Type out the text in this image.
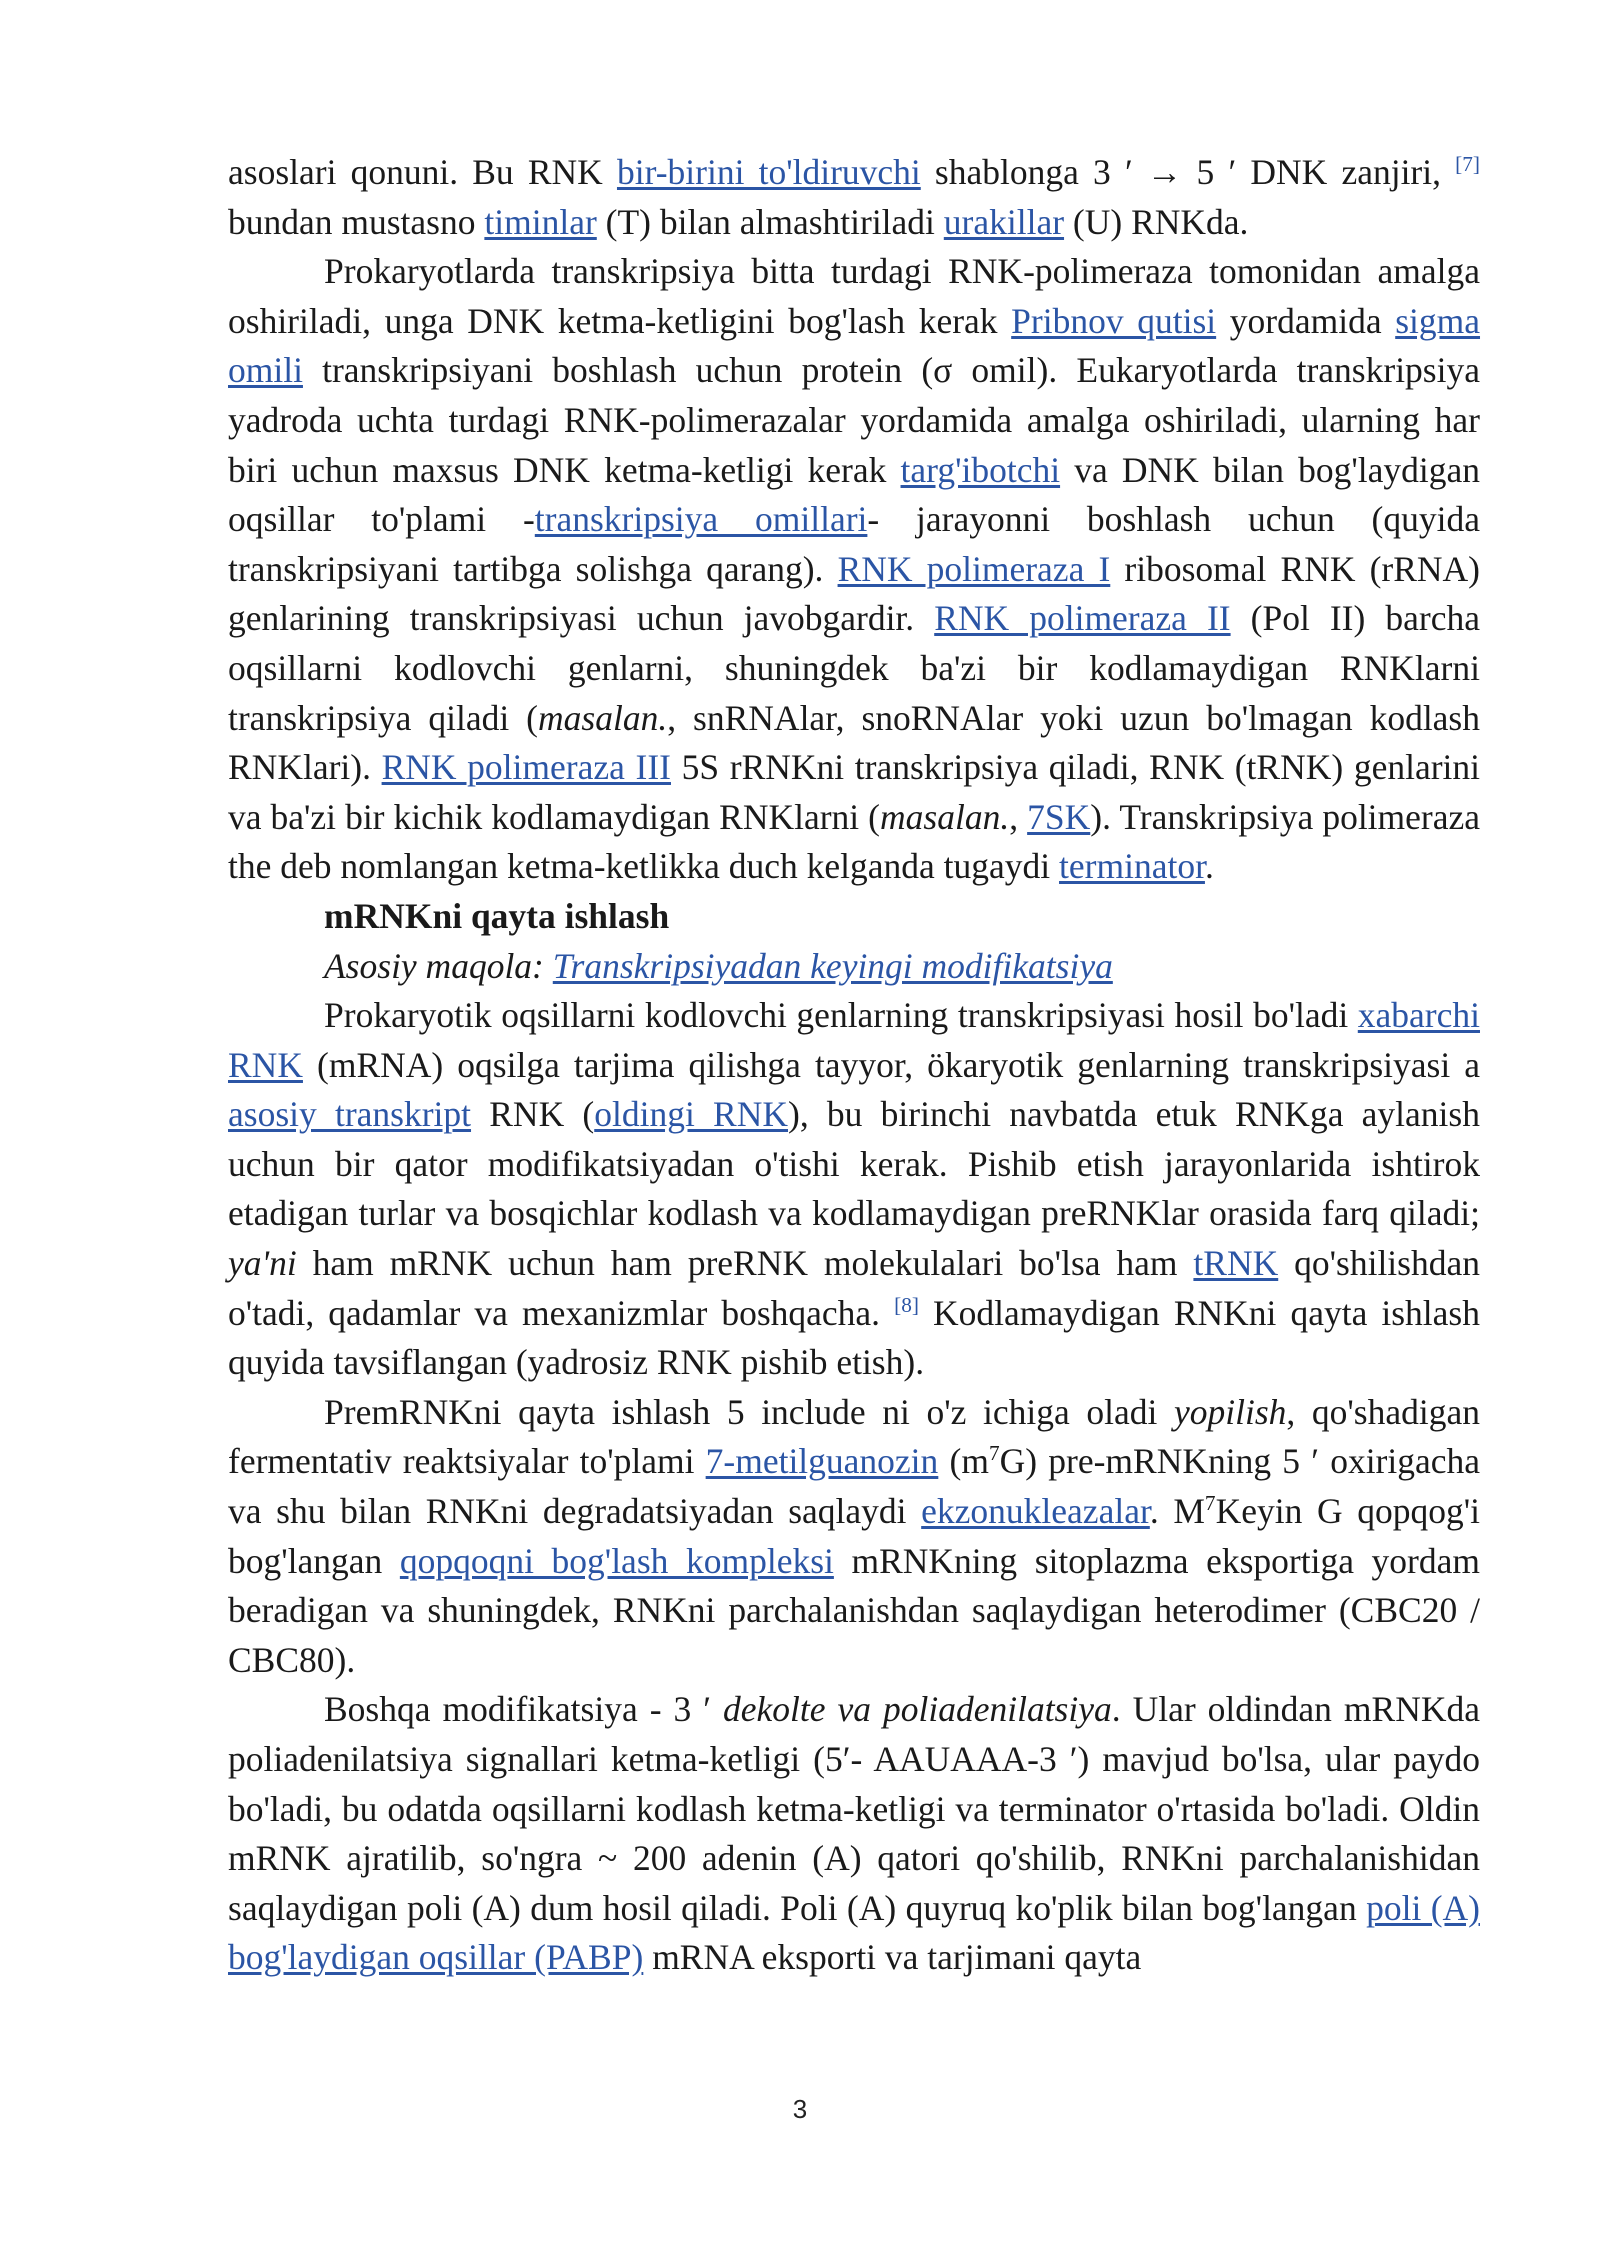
asoslari qonuni. Bu RNK bir-birini to'ldiruvchi shablonga 3 ′ → 5 ′ DNK zanjiri, [7] bundan mustasno timinlar (T) bilan almashtiriladi urakillar (U) RNKda.

Prokaryotlarda transkripsiya bitta turdagi RNK-polimeraza tomonidan amalga oshiriladi, unga DNK ketma-ketligini bog'lash kerak Pribnov qutisi yordamida sigma omili transkripsiyani boshlash uchun protein (σ omil). Eukaryotlarda transkripsiya yadroda uchta turdagi RNK-polimerazalar yordamida amalga oshiriladi, ularning har biri uchun maxsus DNK ketma-ketligi kerak targ'ibotchi va DNK bilan bog'laydigan oqsillar to'plami -transkripsiya omillari- jarayonni boshlash uchun (quyida transkripsiyani tartibga solishga qarang). RNK polimeraza I ribosomal RNK (rRNA) genlarining transkripsiyasi uchun javobgardir. RNK polimeraza II (Pol II) barcha oqsillarni kodlovchi genlarni, shuningdek ba'zi bir kodlamaydigan RNKlarni transkripsiya qiladi (masalan., snRNAlar, snoRNAlar yoki uzun bo'lmagan kodlash RNKlari). RNK polimeraza III 5S rRNKni transkripsiya qiladi, RNK (tRNK) genlarini va ba'zi bir kichik kodlamaydigan RNKlarni (masalan., 7SK). Transkripsiya polimeraza the deb nomlangan ketma-ketlikka duch kelganda tugaydi terminator.

mRNKni qayta ishlash

Asosiy maqola: Transkripsiyadan keyingi modifikatsiya

Prokaryotik oqsillarni kodlovchi genlarning transkripsiyasi hosil bo'ladi xabarchi RNK (mRNA) oqsilga tarjima qilishga tayyor, ökaryotik genlarning transkripsiyasi a asosiy transkript RNK (oldingi RNK), bu birinchi navbatda etuk RNKga aylanish uchun bir qator modifikatsiyadan o'tishi kerak. Pishib etish jarayonlarida ishtirok etadigan turlar va bosqichlar kodlash va kodlamaydigan preRNKlar orasida farq qiladi; ya'ni ham mRNK uchun ham preRNK molekulalari bo'lsa ham tRNK qo'shilishdan o'tadi, qadamlar va mexanizmlar boshqacha. [8] Kodlamaydigan RNKni qayta ishlash quyida tavsiflangan (yadrosiz RNK pishib etish).

PremRNKni qayta ishlash 5 include ni o'z ichiga oladi yopilish, qo'shadigan fermentativ reaktsiyalar to'plami 7-metilguanozin $(m^7G)$ pre-mRNKning 5 ′ oxirigacha va shu bilan RNKni degradatsiyadan saqlaydi ekzonukleazalar. $M^7Keyin$ G qopqog'i bog'langan qopqoqni bog'lash kompleksi mRNKning sitoplazma eksportiga yordam beradigan va shuningdek, RNKni parchalanishdan saqlaydigan heterodimer (CBC20 / CBC80).

Boshqa modifikatsiya - 3 ′ dekolte va poliadenilatsiya. Ular oldindan mRNKda poliadenilatsiya signallari ketma-ketligi (5′- AAUAAA-3 ′) mavjud bo'lsa, ular paydo bo'ladi, bu odatda oqsillarni kodlash ketma-ketligi va terminator o'rtasida bo'ladi. Oldin mRNK ajratilib, so'ngra ~ 200 adenin (A) qatori qo'shilib, RNKni parchalanishidan saqlaydigan poli (A) dum hosil qiladi. Poli (A) quyruq ko'plik bilan bog'langan poli (A) bog'laydigan oqsillar (PABP) mRNA eksporti va tarjimani qayta

3
